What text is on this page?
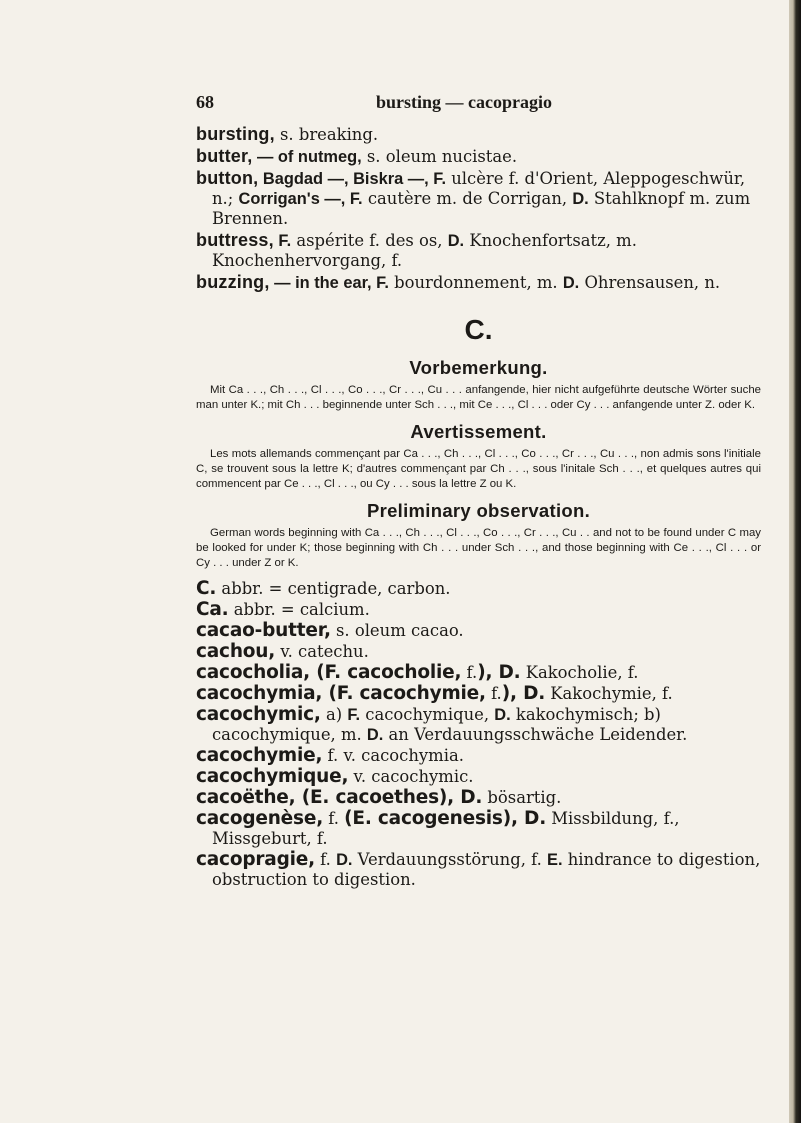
68	bursting — cacopragio
bursting, s. breaking.
butter, — of nutmeg, s. oleum nucistae.
button, Bagdad —, Biskra —, F. ulcère f. d'Orient, Aleppogeschwür, n.; Corrigan's —, F. cautère m. de Corrigan, D. Stahlknopf m. zum Brennen.
buttress, F. aspérite f. des os, D. Knochenfortsatz, m. Knochenhervorgang, f.
buzzing, — in the ear, F. bourdonnement, m. D. Ohrensausen, n.
C.
Vorbemerkung.
Mit Ca . . ., Ch . . ., Cl . . ., Co . . ., Cr . . ., Cu . . . anfangende, hier nicht aufgeführte deutsche Wörter suche man unter K.; mit Ch . . . beginnende unter Sch . . ., mit Ce . . ., Cl . . . oder Cy . . . anfangende unter Z. oder K.
Avertissement.
Les mots allemands commençant par Ca . . ., Ch . . ., Cl . . ., Co . . ., Cr . . ., Cu . . ., non admis sons l'initiale C, se trouvent sous la lettre K; d'autres commençant par Ch . . ., sous l'initale Sch . . ., et quelques autres qui commencent par Ce . . ., Cl . . ., ou Cy . . . sous la lettre Z ou K.
Preliminary observation.
German words beginning with Ca . . ., Ch . . ., Cl . . ., Co . . ., Cr . . ., Cu . . and not to be found under C may be looked for under K; those beginning with Ch . . . under Sch . . ., and those beginning with Ce . . ., Cl . . . or Cy . . . under Z or K.
C. abbr. = centigrade, carbon.
Ca. abbr. = calcium.
cacao-butter, s. oleum cacao.
cachou, v. catechu.
cacocholia, (F. cacocholie, f.), D. Kakocholie, f.
cacochymia, (F. cacochymie, f.), D. Kakochymie, f.
cacochymic, a) F. cacochymique, D. kakochymisch; b) cacochymique, m. D. an Verdauungsschwäche Leidender.
cacochymie, f. v. cacochymia.
cacochymique, v. cacochymic.
cacoëthe, (E. cacoethes), D. bösartig.
cacogenèse, f. (E. cacogenesis), D. Missbildung, f., Missgeburt, f.
cacopragie, f. D. Verdauungsstörung, f. E. hindrance to digestion, obstruction to digestion.
